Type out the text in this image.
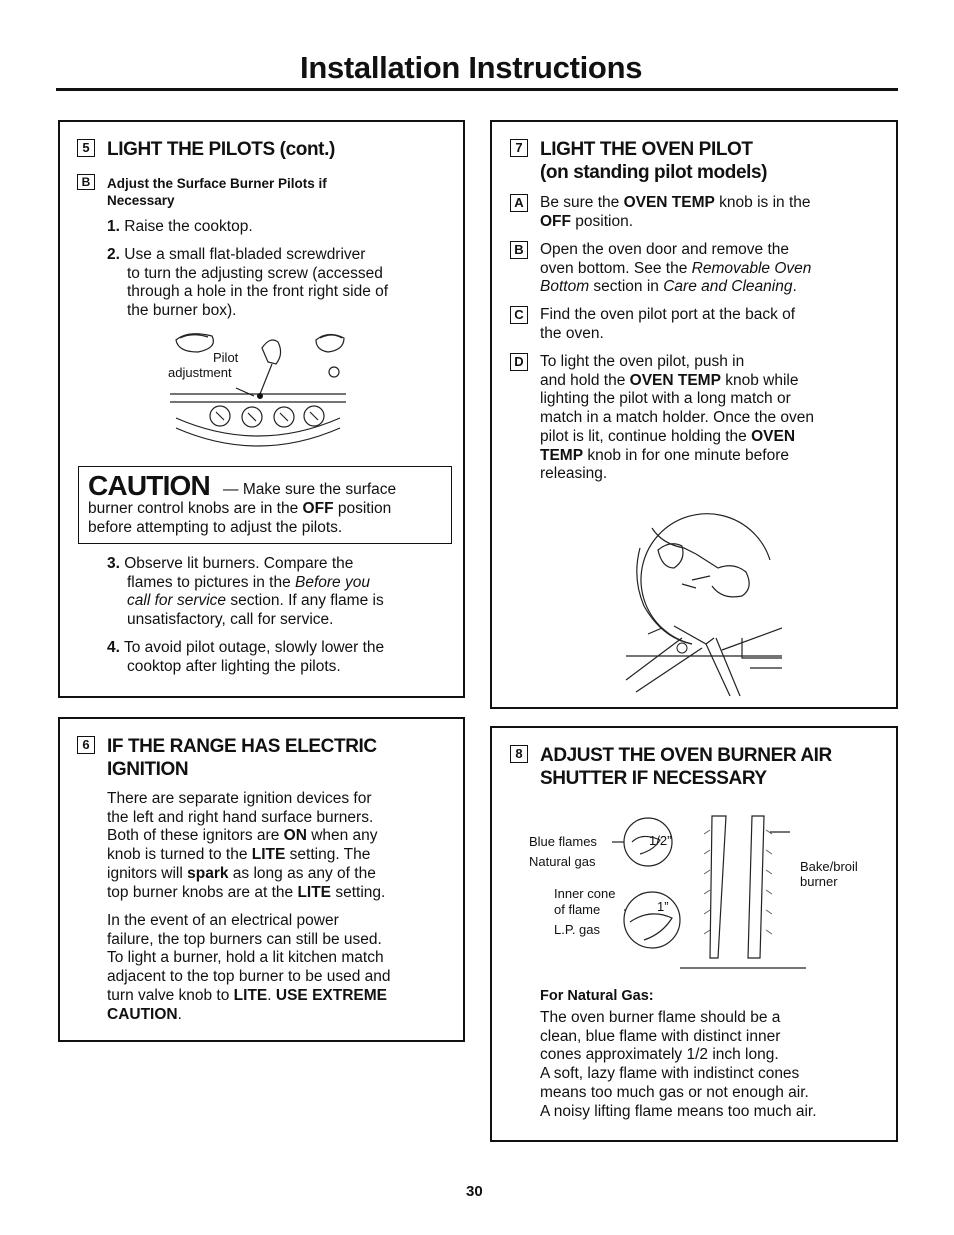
Installation Instructions
5 LIGHT THE PILOTS (cont.)
B	Adjust the Surface Burner Pilots if
Necessary
1. Raise the cooktop.
2. Use a small flat-bladed screwdriver
to turn the adjusting screw (accessed
through a hole in the front right side of
the burner box).
Pilot
adjustment
CAUTION — Make sure the surface
burner control knobs are in the OFF position
before attempting to adjust the pilots.
3. Observe lit burners. Compare the
flames to pictures in the Before you
call for service section. If any flame is
unsatisfactory, call for service.
4. To avoid pilot outage, slowly lower the
cooktop after lighting the pilots.
6 IF THE RANGE HAS ELECTRIC
IGNITION
There are separate ignition devices for
the left and right hand surface burners.
Both of these ignitors are ON when any
knob is turned to the LITE setting. The
ignitors will spark as long as any of the
top burner knobs are at the LITE setting.
In the event of an electrical power
failure, the top burners can still be used.
To light a burner, hold a lit kitchen match
adjacent to the top burner to be used and
turn valve knob to LITE. USE EXTREME
CAUTION.
7 LIGHT THE OVEN PILOT
(on standing pilot models)
A Be sure the OVEN TEMP knob is in the
OFF position.
B Open the oven door and remove the
oven bottom. See the Removable Oven
Bottom section in Care and Cleaning.
C Find the oven pilot port at the back of
the oven.
D To light the oven pilot, push in
and hold the OVEN TEMP knob while
lighting the pilot with a long match or
match in a match holder. Once the oven
pilot is lit, continue holding the OVEN
TEMP knob in for one minute before
releasing.
8 ADJUST THE OVEN BURNER AIR
SHUTTER IF NECESSARY
Blue flames
Natural gas
Inner cone
of flame
L.P. gas
1/2”
1”
Bake/broil
burner
For Natural Gas:
The oven burner flame should be a
clean, blue flame with distinct inner
cones approximately 1/2 inch long.
A soft, lazy flame with indistinct cones
means too much gas or not enough air.
A noisy lifting flame means too much air.
30
